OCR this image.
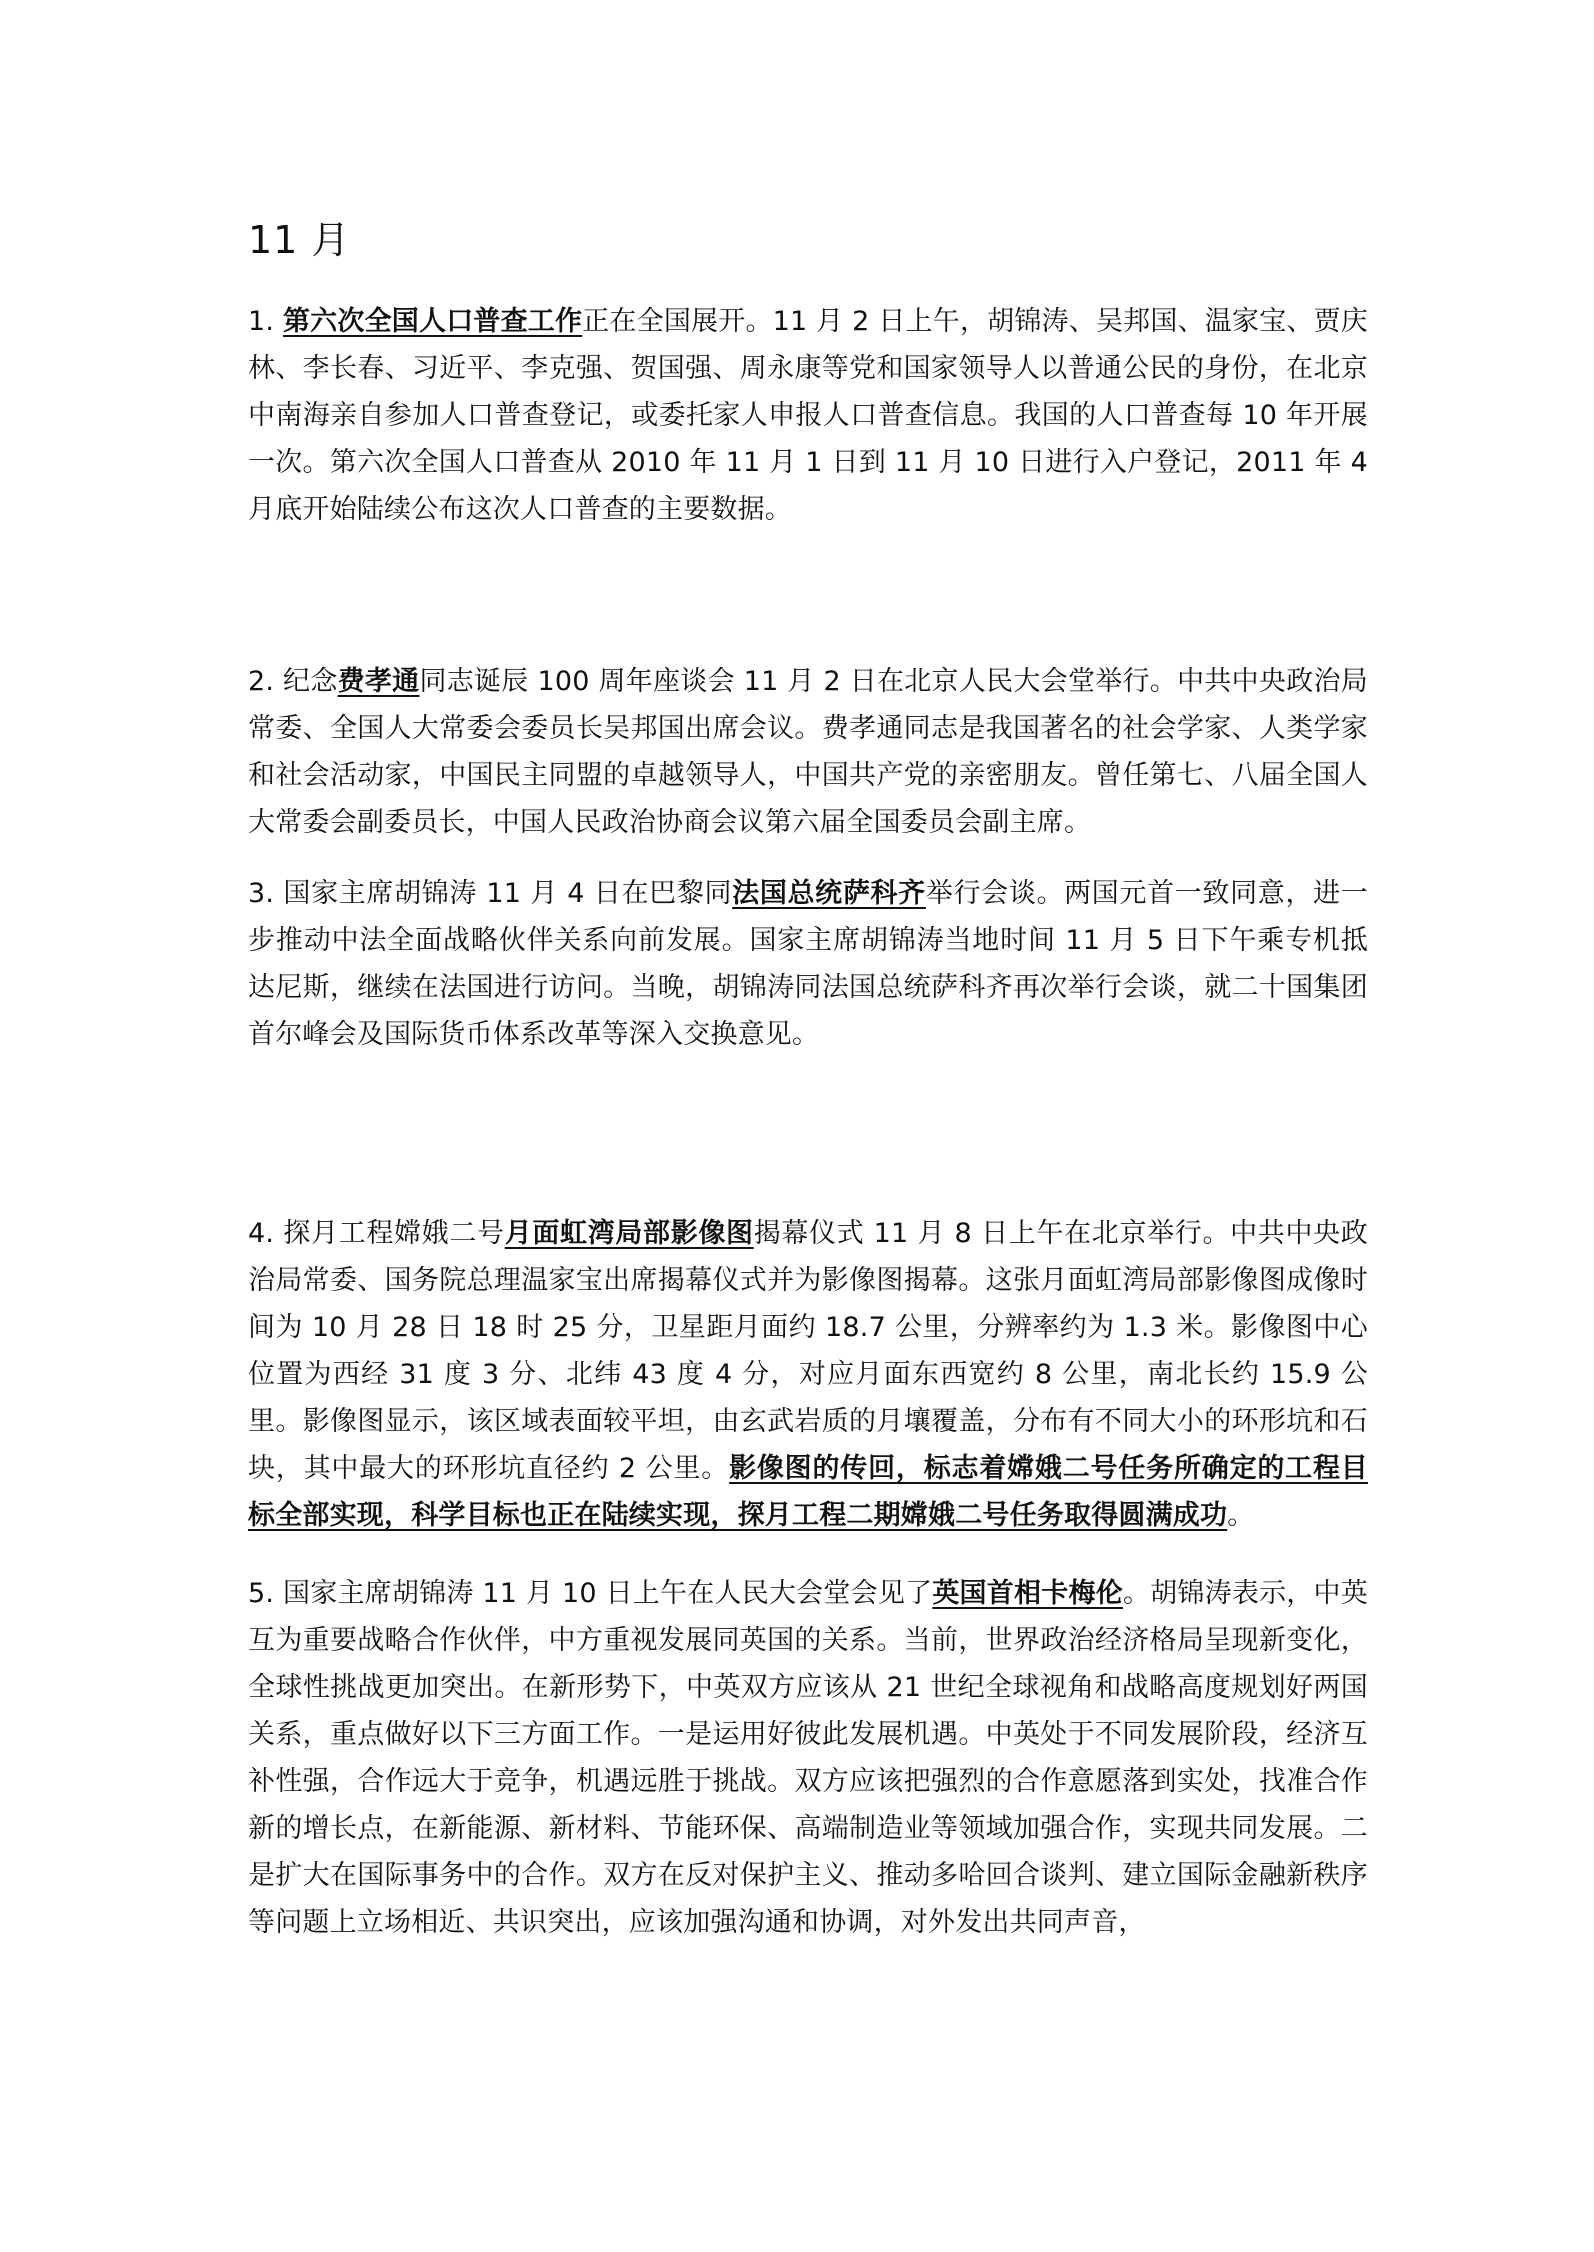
11 月

1. 第六次全国人口普查工作正在全国展开。11 月 2 日上午，胡锦涛、吴邦国、温家宝、贾庆林、李长春、习近平、李克强、贺国强、周永康等党和国家领导人以普通公民的身份，在北京中南海亲自参加人口普查登记，或委托家人申报人口普查信息。我国的人口普查每 10 年开展一次。第六次全国人口普查从 2010 年 11 月 1 日到 11 月 10 日进行入户登记，2011 年 4 月底开始陆续公布这次人口普查的主要数据。

2. 纪念费孝通同志诞辰 100 周年座谈会 11 月 2 日在北京人民大会堂举行。中共中央政治局常委、全国人大常委会委员长吴邦国出席会议。费孝通同志是我国著名的社会学家、人类学家和社会活动家，中国民主同盟的卓越领导人，中国共产党的亲密朋友。曾任第七、八届全国人大常委会副委员长，中国人民政治协商会议第六届全国委员会副主席。

3. 国家主席胡锦涛 11 月 4 日在巴黎同法国总统萨科齐举行会谈。两国元首一致同意，进一步推动中法全面战略伙伴关系向前发展。国家主席胡锦涛当地时间 11 月 5 日下午乘专机抵达尼斯，继续在法国进行访问。当晚，胡锦涛同法国总统萨科齐再次举行会谈，就二十国集团首尔峰会及国际货币体系改革等深入交换意见。

4. 探月工程嫦娥二号月面虹湾局部影像图揭幕仪式 11 月 8 日上午在北京举行。中共中央政治局常委、国务院总理温家宝出席揭幕仪式并为影像图揭幕。这张月面虹湾局部影像图成像时间为 10 月 28 日 18 时 25 分，卫星距月面约 18.7 公里，分辨率约为 1.3 米。影像图中心位置为西经 31 度 3 分、北纬 43 度 4 分，对应月面东西宽约 8 公里，南北长约 15.9 公里。影像图显示，该区域表面较平坦，由玄武岩质的月壤覆盖，分布有不同大小的环形坑和石块，其中最大的环形坑直径约 2 公里。影像图的传回，标志着嫦娥二号任务所确定的工程目标全部实现，科学目标也正在陆续实现，探月工程二期嫦娥二号任务取得圆满成功。

5. 国家主席胡锦涛 11 月 10 日上午在人民大会堂会见了英国首相卡梅伦。胡锦涛表示，中英互为重要战略合作伙伴，中方重视发展同英国的关系。当前，世界政治经济格局呈现新变化，全球性挑战更加突出。在新形势下，中英双方应该从 21 世纪全球视角和战略高度规划好两国关系，重点做好以下三方面工作。一是运用好彼此发展机遇。中英处于不同发展阶段，经济互补性强，合作远大于竞争，机遇远胜于挑战。双方应该把强烈的合作意愿落到实处，找准合作新的增长点，在新能源、新材料、节能环保、高端制造业等领域加强合作，实现共同发展。二是扩大在国际事务中的合作。双方在反对保护主义、推动多哈回合谈判、建立国际金融新秩序等问题上立场相近、共识突出，应该加强沟通和协调，对外发出共同声音，
